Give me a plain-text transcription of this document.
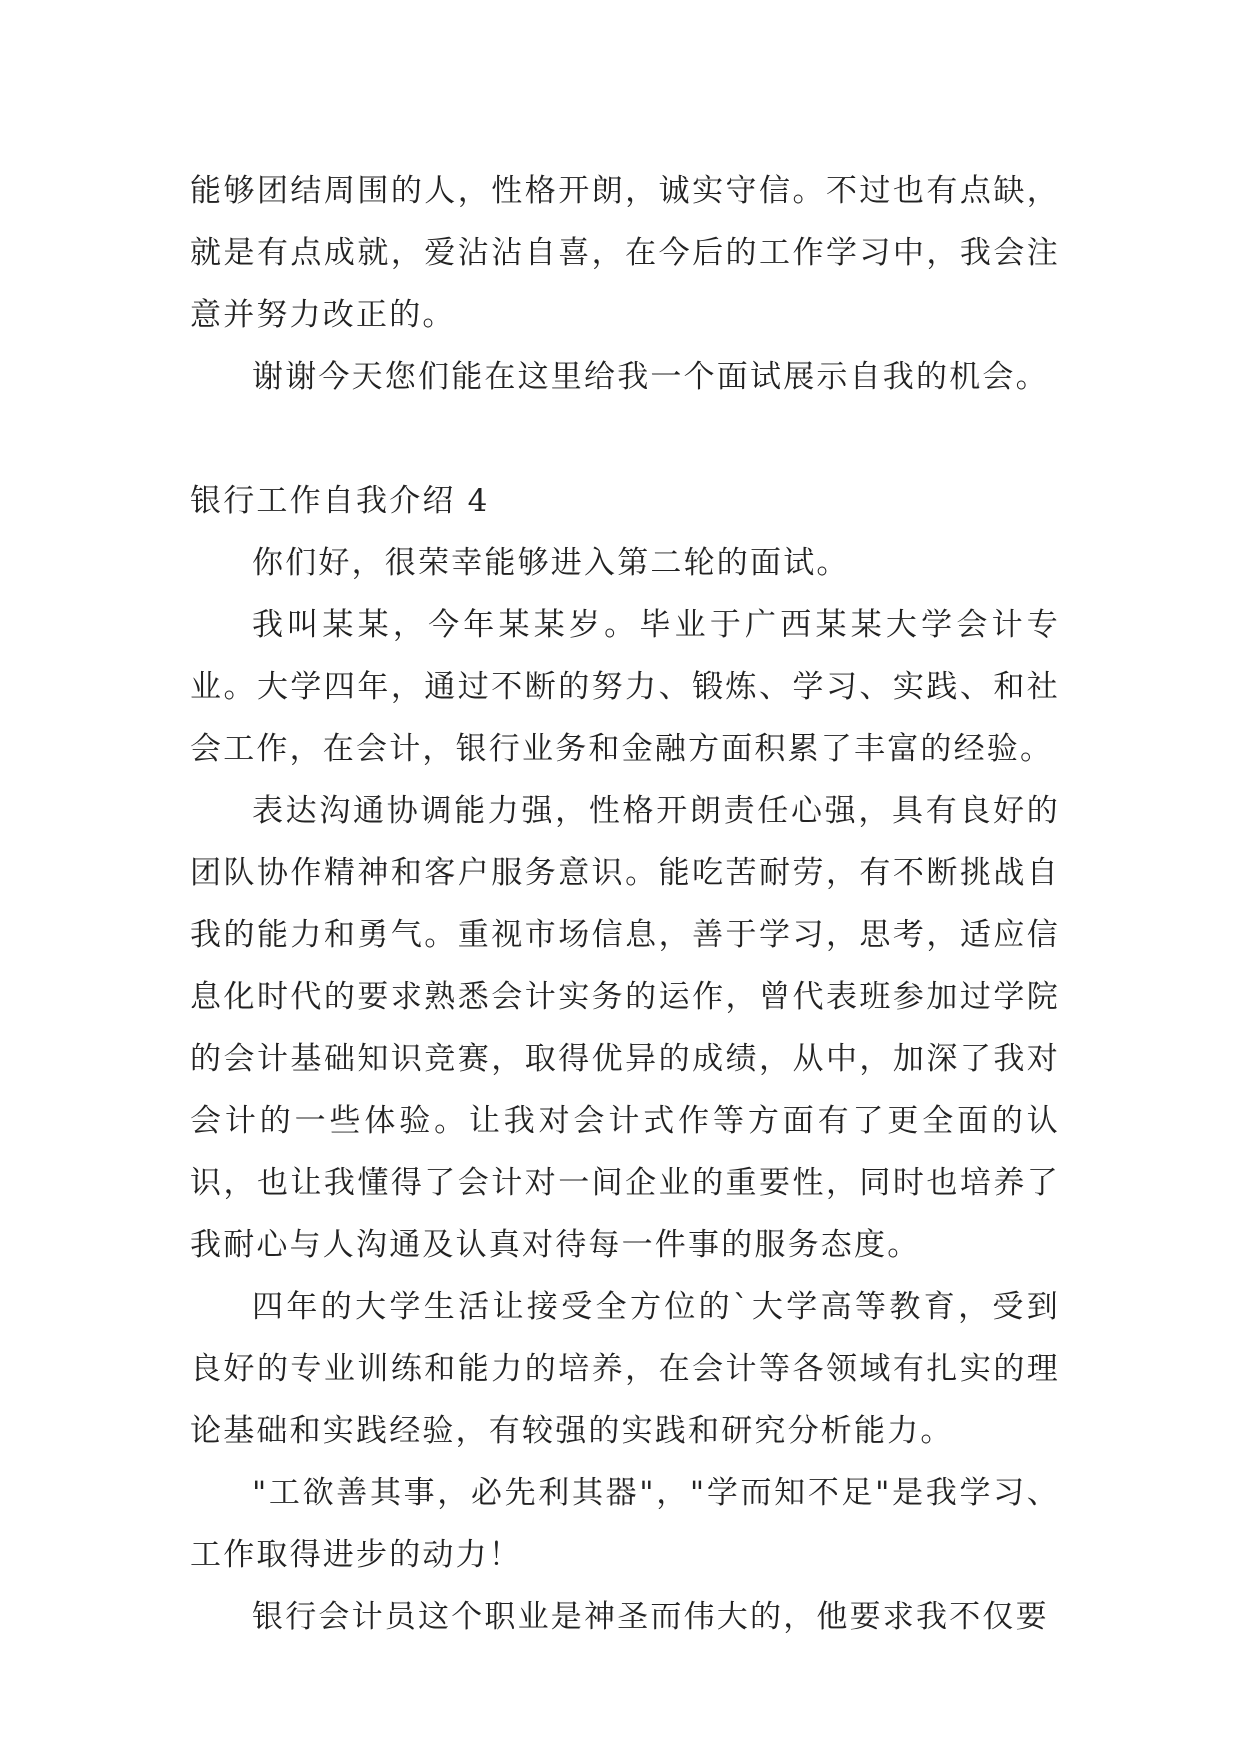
能够团结周围的人，性格开朗，诚实守信。不过也有点缺，就是有点成就，爱沾沾自喜，在今后的工作学习中，我会注意并努力改正的。

谢谢今天您们能在这里给我一个面试展示自我的机会。

银行工作自我介绍 4

你们好，很荣幸能够进入第二轮的面试。

我叫某某，今年某某岁。毕业于广西某某大学会计专业。大学四年，通过不断的努力、锻炼、学习、实践、和社会工作，在会计，银行业务和金融方面积累了丰富的经验。

表达沟通协调能力强，性格开朗责任心强，具有良好的团队协作精神和客户服务意识。能吃苦耐劳，有不断挑战自我的能力和勇气。重视市场信息，善于学习，思考，适应信息化时代的要求熟悉会计实务的运作，曾代表班参加过学院的会计基础知识竞赛，取得优异的成绩，从中，加深了我对会计的一些体验。让我对会计式作等方面有了更全面的认识，也让我懂得了会计对一间企业的重要性，同时也培养了我耐心与人沟通及认真对待每一件事的服务态度。

四年的大学生活让接受全方位的`大学高等教育，受到良好的专业训练和能力的培养，在会计等各领域有扎实的理论基础和实践经验，有较强的实践和研究分析能力。

"工欲善其事，必先利其器"，"学而知不足"是我学习、工作取得进步的动力！

银行会计员这个职业是神圣而伟大的，他要求我不仅要
